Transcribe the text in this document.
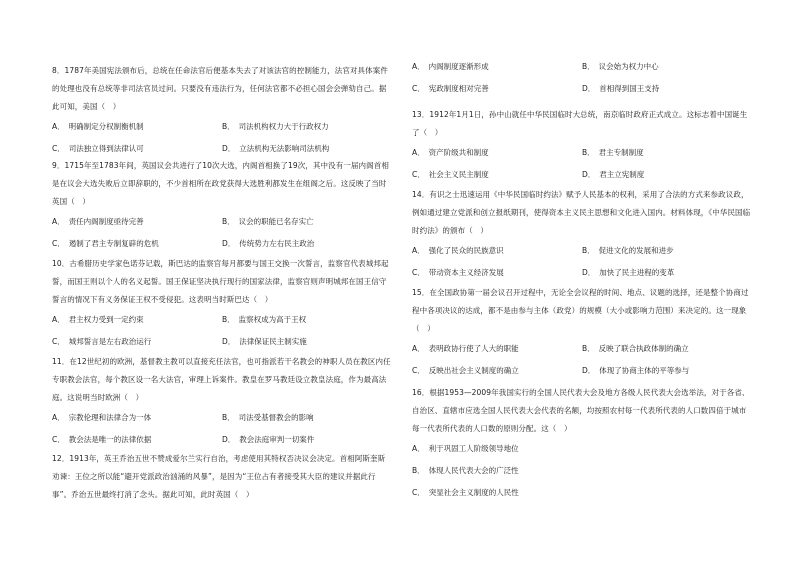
8．1787年美国宪法颁布后，总统在任命法官后便基本失去了对该法官的控制能力，法官对具体案件的处理也没有总统等非司法官员过问。只要没有违法行为，任何法官都不必担心国会会弹劾自己。据此可知，美国（　）

A． 明确制定分权制衡机制	B． 司法机构权力大于行政权力
C． 司法独立得到法律认可	D． 立法机构无法影响司法机构

9．1715年至1783年间，英国议会共进行了10次大选，内阁首相换了19次，其中没有一届内阁首相是在议会大选失败后立即辞职的，不少首相所在政党获得大选胜利都发生在组阁之后。这反映了当时英国（　）

A． 责任内阁制度亟待完善	B． 议会的职能已名存实亡
C． 遏制了君主专制复辟的危机	D． 传统势力左右民主政治

10．古希腊历史学家色诺芬记载，斯巴达的监察官每月都要与国王交换一次誓言，监察官代表城邦起誓，而国王则以个人的名义起誓。国王保证坚决执行现行的国家法律，监察官则声明城邦在国王信守誓言的情况下有义务保证王权不受侵犯。这表明当时斯巴达（　）

A． 君主权力受到一定约束	B． 监察权成为高于王权
C． 城邦誓言是左右政治运行	D． 法律保证民主制实施

11．在12世纪初的欧洲，基督教主教可以直接充任法官，也可指派若干名教会的神职人员在教区内任专职教会法官，每个教区设一名大法官，审理上诉案件。教皇在罗马教廷设立教皇法庭，作为最高法庭。这说明当时欧洲（　）

A． 宗教伦理和法律合为一体	B． 司法受基督教会的影响
C． 教会法是唯一的法律依据	D． 教会法庭审判一切案件

12．1913年，英王乔治五世不赞成爱尔兰实行自治，考虑使用其特权否决议会决定。首相阿斯奎斯劝谏：王位之所以能“避开党派政治汹涌的风暴”，是因为“王位占有者接受其大臣的建议并据此行事”。乔治五世最终打消了念头。据此可知，此时英国（　）

A． 内阁制度逐渐形成	B． 议会始为权力中心
C． 宪政制度相对完善	D． 首相得到国王支持

13．1912年1月1日，孙中山就任中华民国临时大总统，南京临时政府正式成立。这标志着中国诞生了（　）

A． 资产阶级共和制度	B． 君主专制制度
C． 社会主义民主制度	D． 君主立宪制度

14．有识之士迅速运用《中华民国临时约法》赋予人民基本的权利，采用了合法的方式来参政议政，例如通过建立党派和创立报纸期刊，使得资本主义民主思想和文化进入国内。材料体现，《中华民国临时约法》的颁布（　）

A． 强化了民众的民族意识	B． 促进文化的发展和进步
C． 带动资本主义经济发展	D． 加快了民主进程的变革

15．在全国政协第一届会议召开过程中，无论全会议程的时间、地点、议题的选择，还是整个协商过程中各项决议的达成，都不是由参与主体（政党）的规模（大小或影响力范围）来决定的。这一现象（　）

A． 表明政协行使了人大的职能	B． 反映了联合执政体制的确立
C． 反映出社会主义制度的确立	D． 体现了协商主体的平等参与

16．根据1953—2009年我国实行的全国人民代表大会及地方各级人民代表大会选举法，对于各省、自治区、直辖市应选全国人民代表大会代表的名额，均按照农村每一代表所代表的人口数四倍于城市每一代表所代表的人口数的原则分配。这（　）

A． 利于巩固工人阶级领导地位
B． 体现人民代表大会的广泛性
C． 突显社会主义制度的人民性
